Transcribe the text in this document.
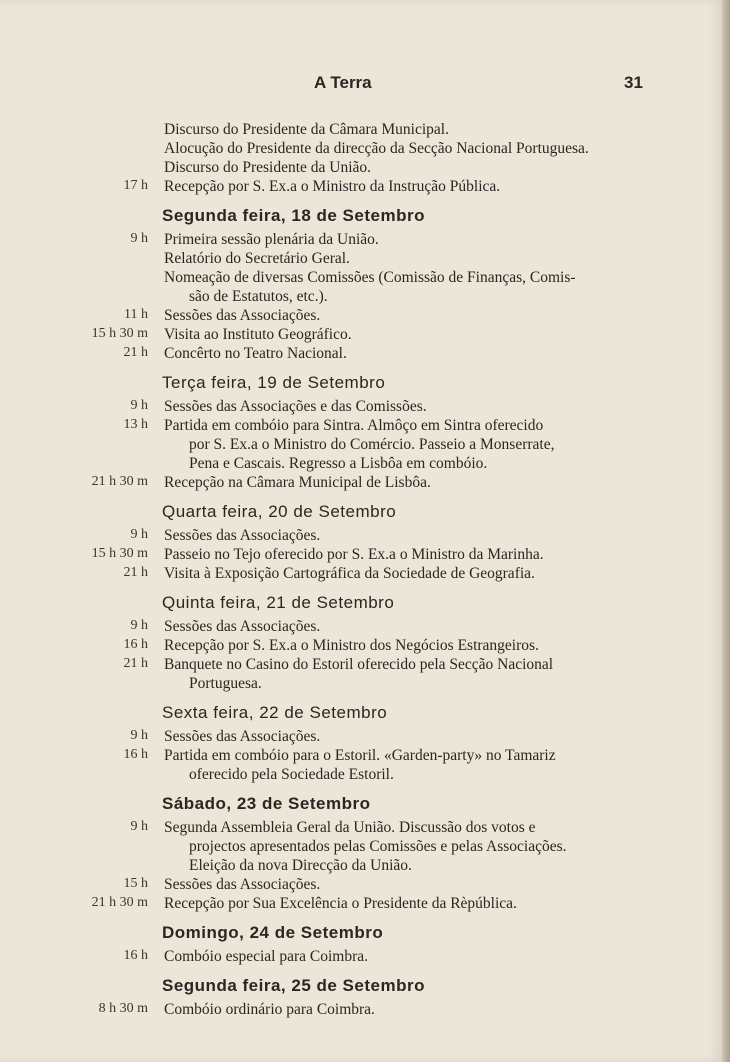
A Terra	31
Discurso do Presidente da Câmara Municipal.
Alocução do Presidente da direcção da Secção Nacional Portuguesa.
Discurso do Presidente da União.
17 h Recepção por S. Ex.a o Ministro da Instrução Pública.
Segunda feira, 18 de Setembro
9 h Primeira sessão plenária da União.
Relatório do Secretário Geral.
Nomeação de diversas Comissões (Comissão de Finanças, Comis-
são de Estatutos, etc.).
11 h Sessões das Associações.
15 h 30 m Visita ao Instituto Geográfico.
21 h Concêrto no Teatro Nacional.
Terça feira, 19 de Setembro
9 h Sessões das Associações e das Comissões.
13 h Partida em combóio para Sintra. Almôço em Sintra oferecido
por S. Ex.a o Ministro do Comércio. Passeio a Monserrate,
Pena e Cascais. Regresso a Lisbôa em combóio.
21 h 30 m Recepção na Câmara Municipal de Lisbôa.
Quarta feira, 20 de Setembro
9 h Sessões das Associações.
15 h 30 m Passeio no Tejo oferecido por S. Ex.a o Ministro da Marinha.
21 h Visita à Exposição Cartográfica da Sociedade de Geografia.
Quinta feira, 21 de Setembro
9 h Sessões das Associações.
16 h Recepção por S. Ex.a o Ministro dos Negócios Estrangeiros.
21 h Banquete no Casino do Estoril oferecido pela Secção Nacional
Portuguesa.
Sexta feira, 22 de Setembro
9 h Sessões das Associações.
16 h Partida em combóio para o Estoril. «Garden-party» no Tamariz
oferecido pela Sociedade Estoril.
Sábado, 23 de Setembro
9 h Segunda Assembleia Geral da União. Discussão dos votos e
projectos apresentados pelas Comissões e pelas Associações.
Eleição da nova Direcção da União.
15 h Sessões das Associações.
21 h 30 m Recepção por Sua Excelência o Presidente da Rèpública.
Domingo, 24 de Setembro
16 h Combóio especial para Coimbra.
Segunda feira, 25 de Setembro
8 h 30 m Combóio ordinário para Coimbra.
